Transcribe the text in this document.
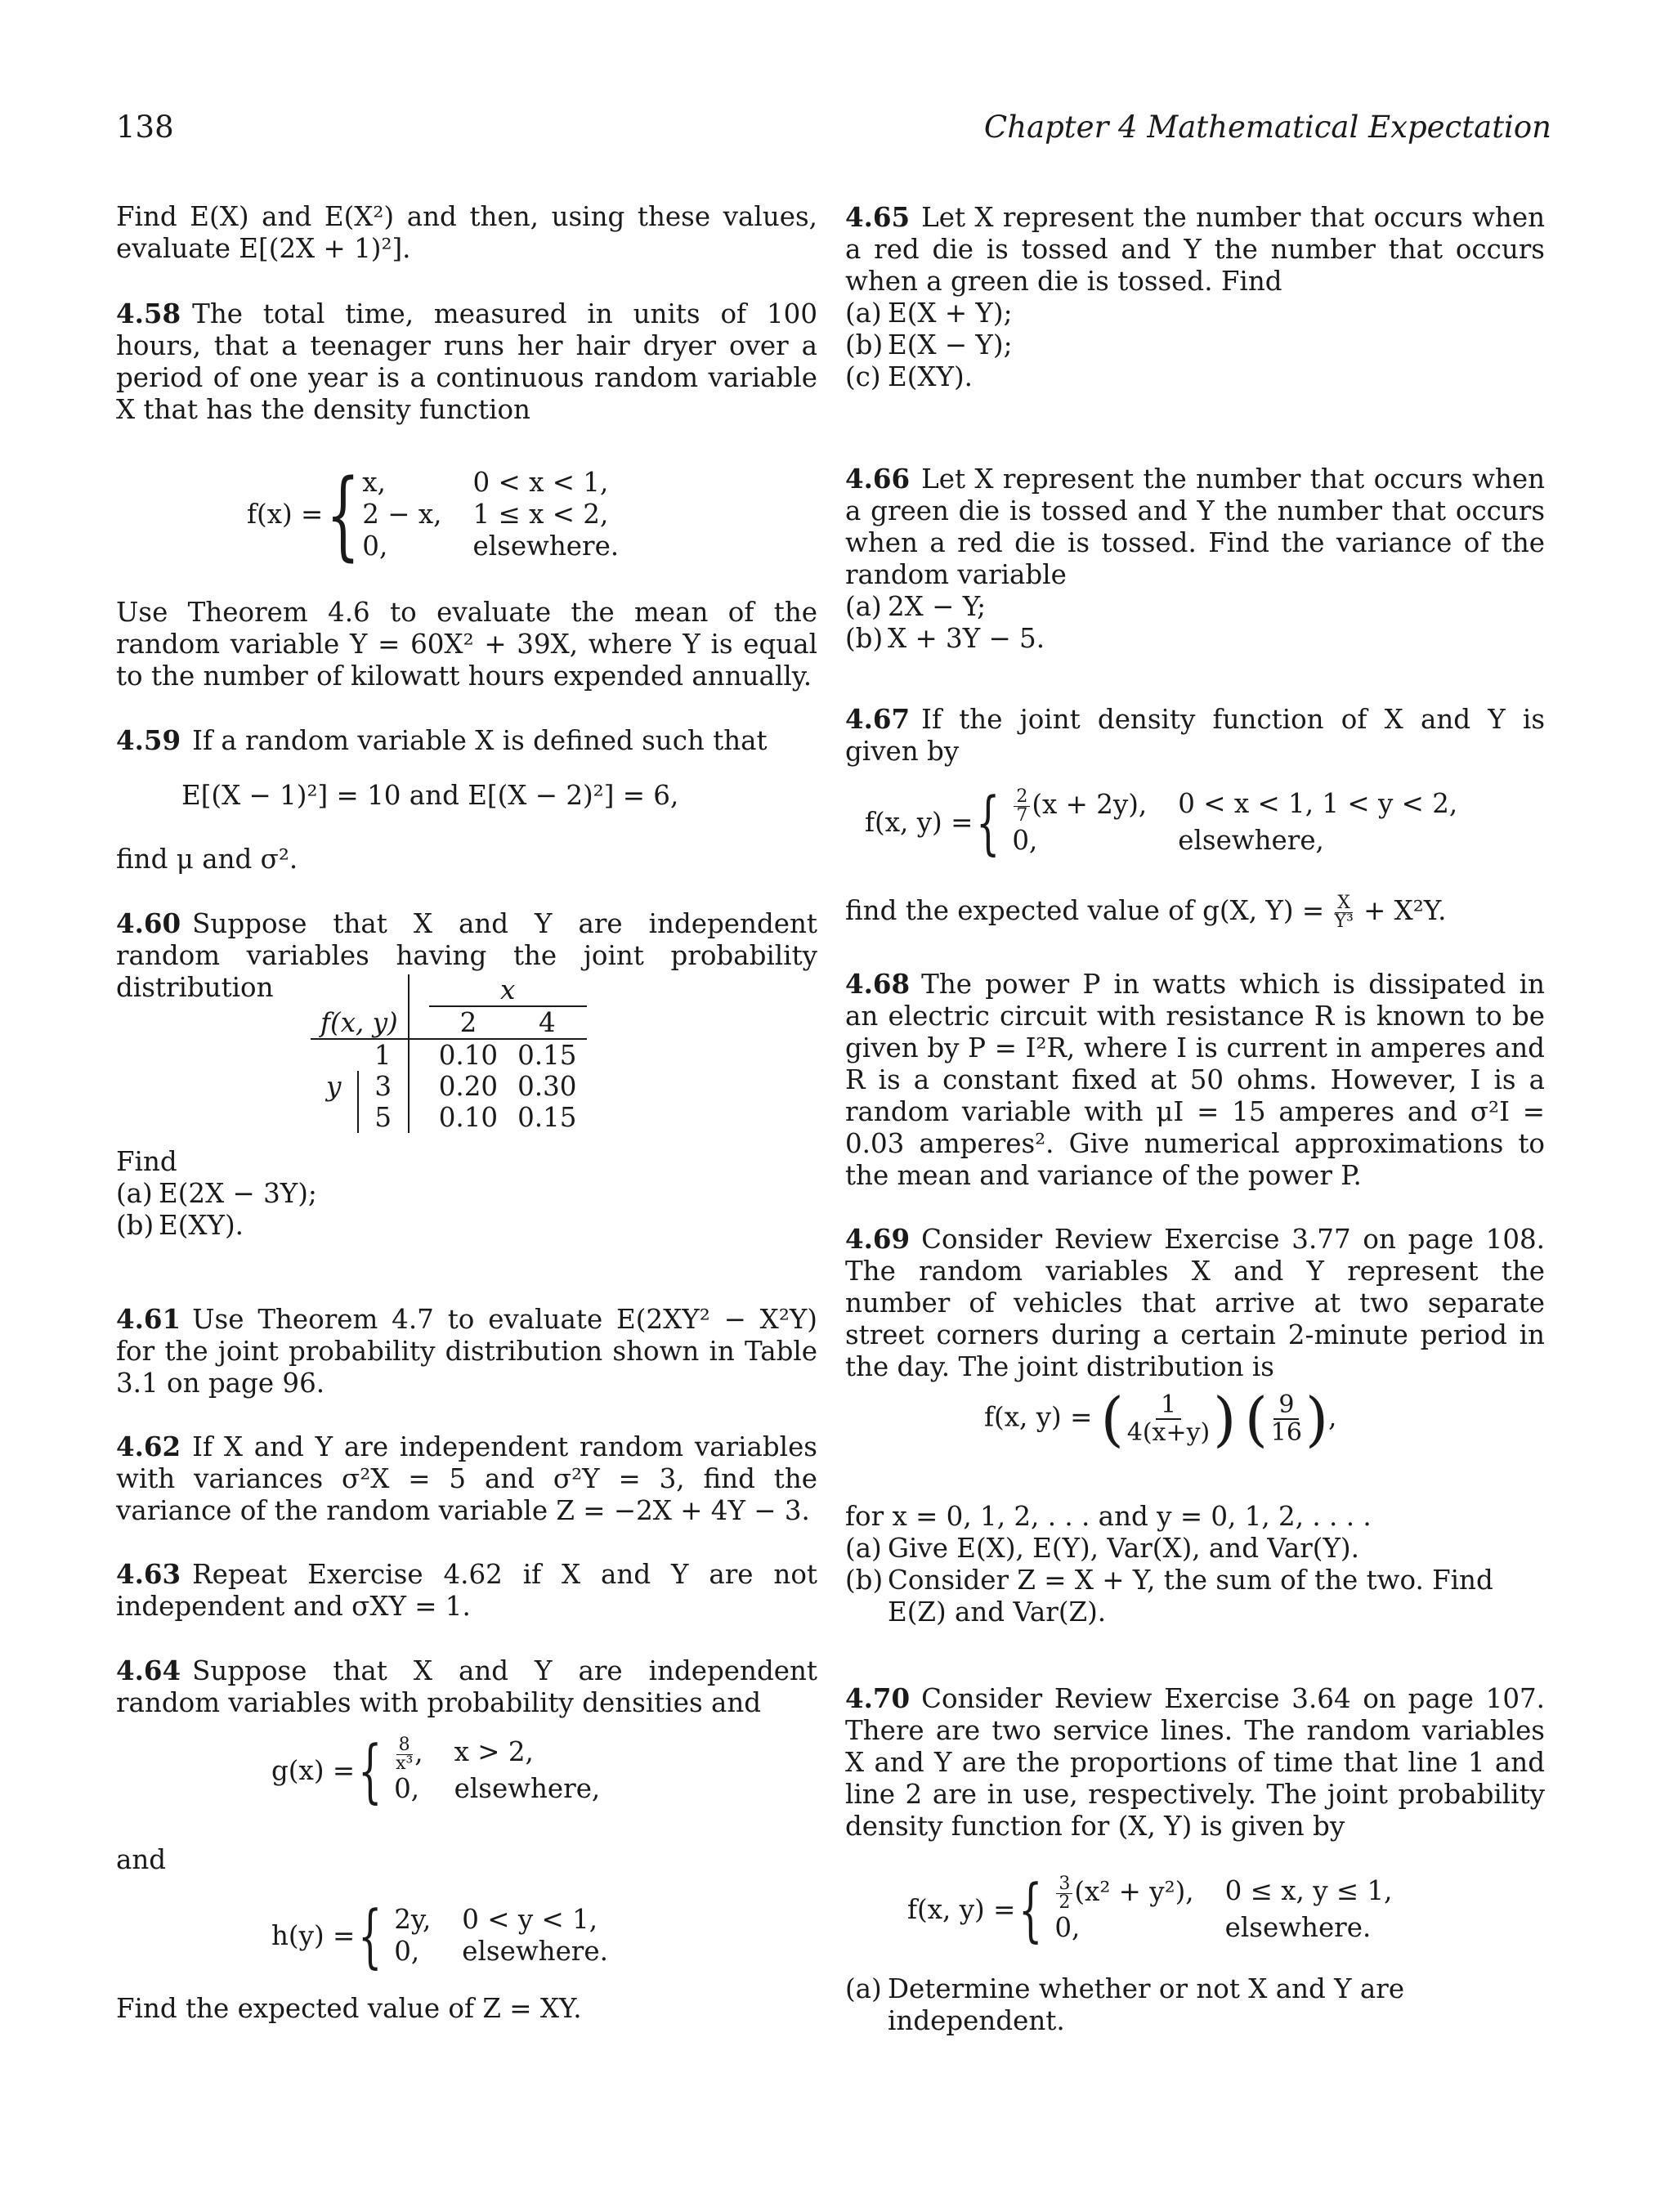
138	Chapter 4 Mathematical Expectation

Find E(X) and E(X²) and then, using these values, evaluate E[(2X + 1)²].

4.58 The total time, measured in units of 100 hours, that a teenager runs her hair dryer over a period of one year is a continuous random variable X that has the density function

f(x) = { x,	0 < x < 1,
2 − x, 1 ≤ x < 2,
0,	elsewhere.

Use Theorem 4.6 to evaluate the mean of the random variable Y = 60X² + 39X, where Y is equal to the number of kilowatt hours expended annually.

4.59 If a random variable X is defined such that

E[(X − 1)²] = 10 and E[(X − 2)²] = 6,

find μ and σ².

4.60 Suppose that X and Y are independent random variables having the joint probability distribution

				x	
f(x, y)			2	4
	1		0.10	0.15
y	3		0.20	0.30
	5		0.10	0.15

Find

(a) E(2X − 3Y);
(b) E(XY).

4.61 Use Theorem 4.7 to evaluate E(2XY² − X²Y) for the joint probability distribution shown in Table 3.1 on page 96.

4.62 If X and Y are independent random variables with variances σ²X = 5 and σ²Y = 3, find the variance of the random variable Z = −2X + 4Y − 3.

4.63 Repeat Exercise 4.62 if X and Y are not independent and σXY = 1.

4.64 Suppose that X and Y are independent random variables with probability densities and

g(x) = { $\frac{8}{\text{x³}}$ , x > 2,
0, elsewhere,

and

h(y) = { 2y, 0 < y < 1,
0,	elsewhere.

Find the expected value of Z = XY.

4.65 Let X represent the number that occurs when a red die is tossed and Y the number that occurs when a green die is tossed. Find

(a) E(X + Y);
(b) E(X − Y);
(c) E(XY).

4.66 Let X represent the number that occurs when a green die is tossed and Y the number that occurs when a red die is tossed. Find the variance of the random variable

(a) 2X − Y;
(b) X + 3Y − 5.

4.67 If the joint density function of X and Y is given by

f(x, y) = { $\frac{2}{7} (x + 2y)$, 0 < x < 1, 1 < y < 2,
0,	elsewhere,

find the expected value of g(X, $Y) = \frac{X}{\text{Y³}} + X^2Y$.

4.68 The power P in watts which is dissipated in an electric circuit with resistance R is known to be given by P = I²R, where I is current in amperes and R is a constant fixed at 50 ohms. However, I is a random variable with μI = 15 amperes and σ²I = 0.03 amperes². Give numerical approximations to the mean and variance of the power P.

4.69 Consider Review Exercise 3.77 on page 108. The random variables X and Y represent the number of vehicles that arrive at two separate street corners during a certain 2-minute period in the day. The joint distribution is

f(x, y) = ( $\frac{1}{4(x+y)}$ ) ( $\frac{9}{16}$ ),

for x = 0, 1, 2, . . . and y = 0, 1, 2, . . . .

(a) Give E(X), E(Y), Var(X), and Var(Y).
(b) Consider Z = X + Y, the sum of the two. Find E(Z) and Var(Z).

4.70 Consider Review Exercise 3.64 on page 107. There are two service lines. The random variables X and Y are the proportions of time that line 1 and line 2 are in use, respectively. The joint probability density function for (X, Y) is given by

f(x, y) = { $\frac{3}{2} (x^2 + y^2)$, 0 ≤ x, y ≤ 1,
0,	elsewhere.
(a) Determine whether or not X and Y are independent.
